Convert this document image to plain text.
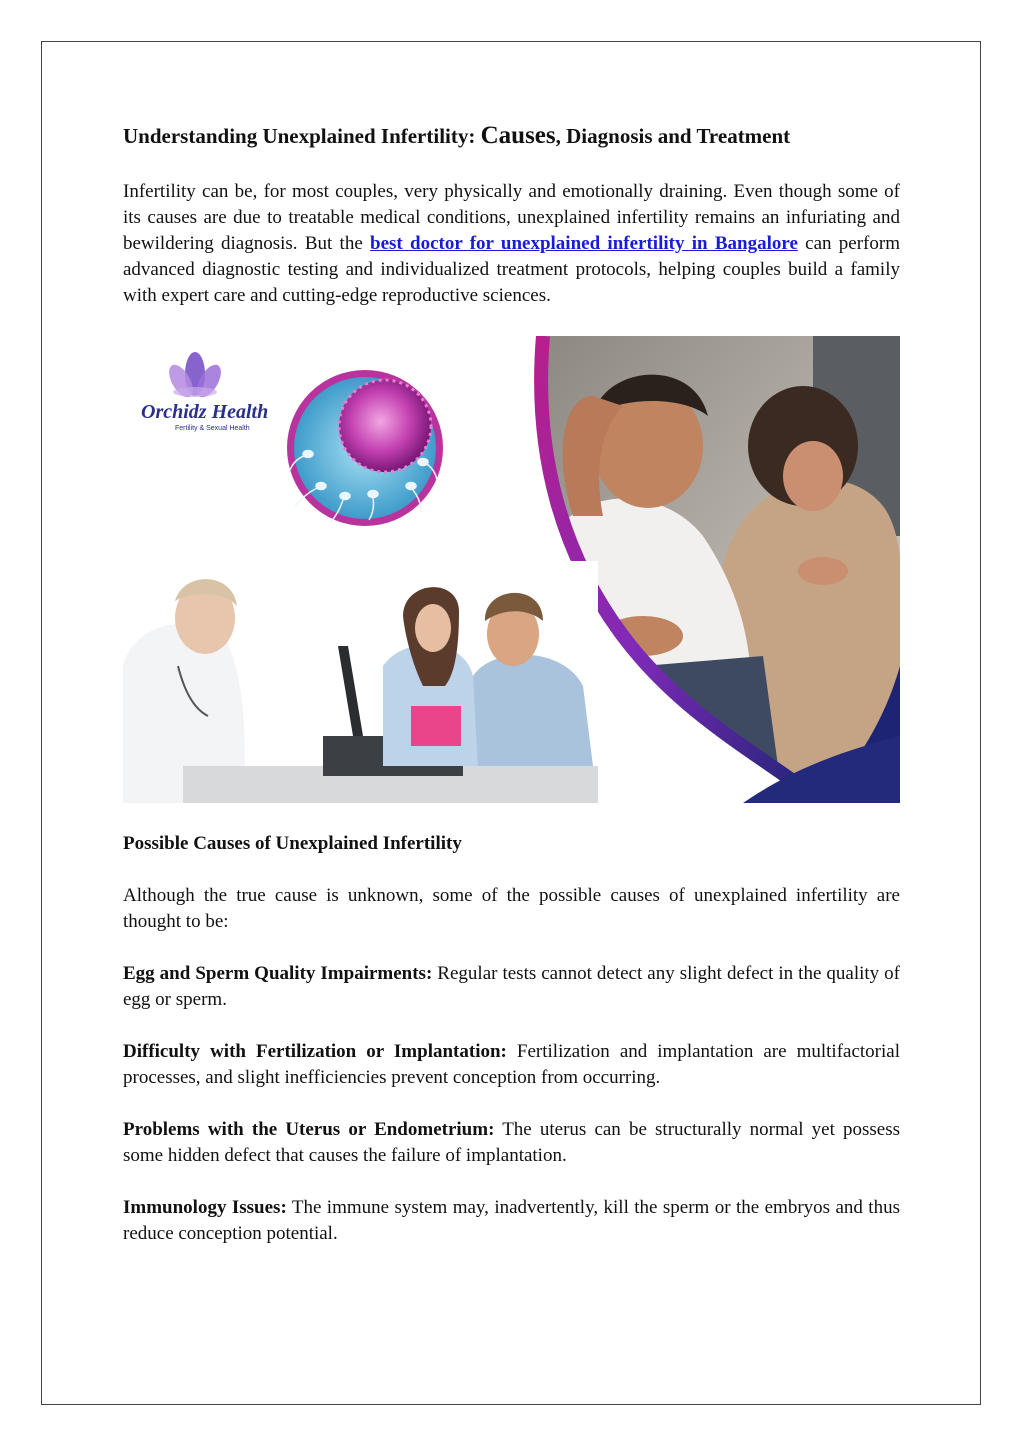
Understanding Unexplained Infertility: Causes, Diagnosis and Treatment

Infertility can be, for most couples, very physically and emotionally draining. Even though some of its causes are due to treatable medical conditions, unexplained infertility remains an infuriating and bewildering diagnosis. But the best doctor for unexplained infertility in Bangalore can perform advanced diagnostic testing and individualized treatment protocols, helping couples build a family with expert care and cutting-edge reproductive sciences.

Orchidz Health
Fertility & Sexual Health
Possible Causes of Unexplained Infertility

Although the true cause is unknown, some of the possible causes of unexplained infertility are thought to be:

Egg and Sperm Quality Impairments: Regular tests cannot detect any slight defect in the quality of egg or sperm.

Difficulty with Fertilization or Implantation: Fertilization and implantation are multifactorial processes, and slight inefficiencies prevent conception from occurring.

Problems with the Uterus or Endometrium: The uterus can be structurally normal yet possess some hidden defect that causes the failure of implantation.

Immunology Issues: The immune system may, inadvertently, kill the sperm or the embryos and thus reduce conception potential.
